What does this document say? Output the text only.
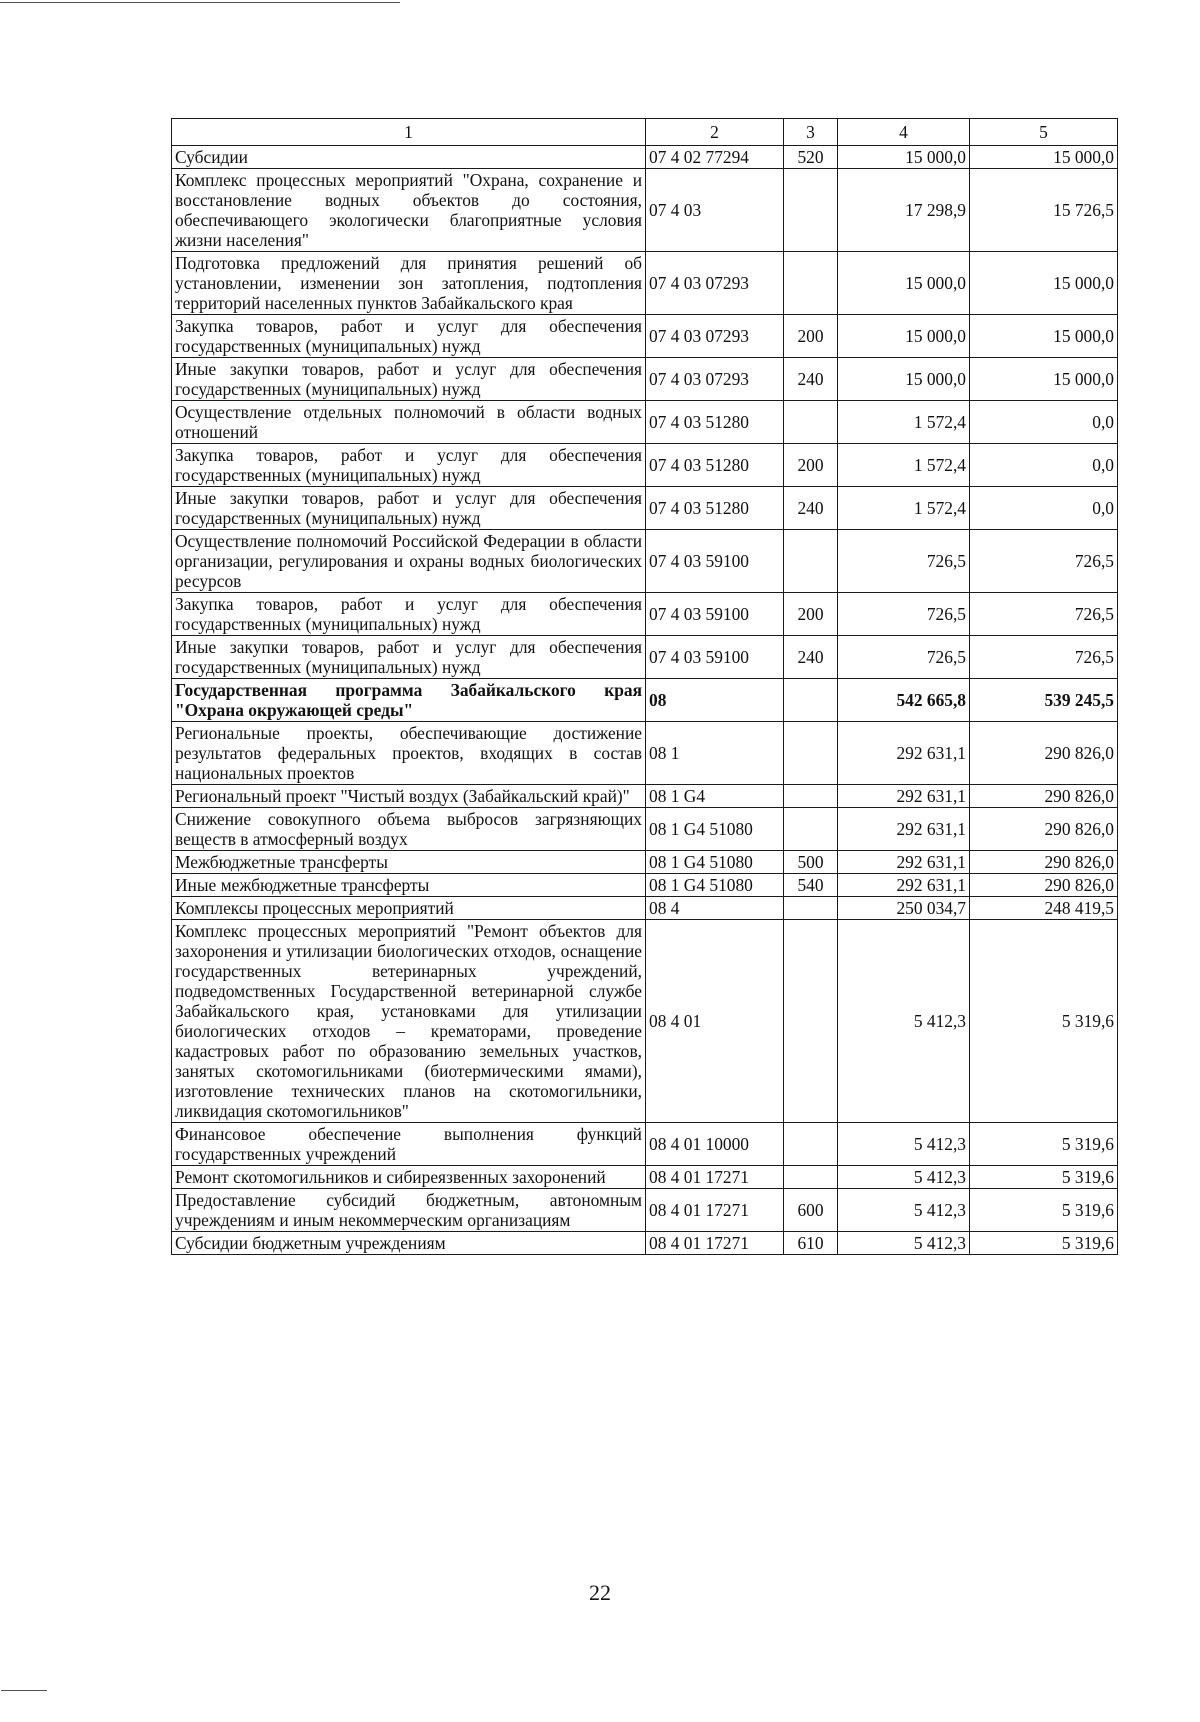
1	2	3	4	5
Субсидии	07 4 02 77294	520	15 000,0	15 000,0
Комплекс процессных мероприятий "Охрана, сохранение и восстановление водных объектов до состояния, обеспечивающего экологически благоприятные условия жизни населения"	07 4 03		17 298,9	15 726,5
Подготовка предложений для принятия решений об установлении, изменении зон затопления, подтопления территорий населенных пунктов Забайкальского края	07 4 03 07293		15 000,0	15 000,0
Закупка товаров, работ и услуг для обеспечения государственных (муниципальных) нужд	07 4 03 07293	200	15 000,0	15 000,0
Иные закупки товаров, работ и услуг для обеспечения государственных (муниципальных) нужд	07 4 03 07293	240	15 000,0	15 000,0
Осуществление отдельных полномочий в области водных отношений	07 4 03 51280		1 572,4	0,0
Закупка товаров, работ и услуг для обеспечения государственных (муниципальных) нужд	07 4 03 51280	200	1 572,4	0,0
Иные закупки товаров, работ и услуг для обеспечения государственных (муниципальных) нужд	07 4 03 51280	240	1 572,4	0,0
Осуществление полномочий Российской Федерации в области организации, регулирования и охраны водных биологических ресурсов	07 4 03 59100		726,5	726,5
Закупка товаров, работ и услуг для обеспечения государственных (муниципальных) нужд	07 4 03 59100	200	726,5	726,5
Иные закупки товаров, работ и услуг для обеспечения государственных (муниципальных) нужд	07 4 03 59100	240	726,5	726,5
Государственная программа Забайкальского края "Охрана окружающей среды"	08		542 665,8	539 245,5
Региональные проекты, обеспечивающие достижение результатов федеральных проектов, входящих в состав национальных проектов	08 1		292 631,1	290 826,0
Региональный проект "Чистый воздух (Забайкальский край)"	08 1 G4		292 631,1	290 826,0
Снижение совокупного объема выбросов загрязняющих веществ в атмосферный воздух	08 1 G4 51080		292 631,1	290 826,0
Межбюджетные трансферты	08 1 G4 51080	500	292 631,1	290 826,0
Иные межбюджетные трансферты	08 1 G4 51080	540	292 631,1	290 826,0
Комплексы процессных мероприятий	08 4		250 034,7	248 419,5
Комплекс процессных мероприятий "Ремонт объектов для захоронения и утилизации биологических отходов, оснащение государственных ветеринарных учреждений, подведомственных Государственной ветеринарной службе Забайкальского края, установками для утилизации биологических отходов – крематорами, проведение кадастровых работ по образованию земельных участков, занятых скотомогильниками (биотермическими ямами), изготовление технических планов на скотомогильники, ликвидация скотомогильников"	08 4 01		5 412,3	5 319,6
Финансовое обеспечение выполнения функций государственных учреждений	08 4 01 10000		5 412,3	5 319,6
Ремонт скотомогильников и сибиреязвенных захоронений	08 4 01 17271		5 412,3	5 319,6
Предоставление субсидий бюджетным, автономным учреждениям и иным некоммерческим организациям	08 4 01 17271	600	5 412,3	5 319,6
Субсидии бюджетным учреждениям	08 4 01 17271	610	5 412,3	5 319,6
22
